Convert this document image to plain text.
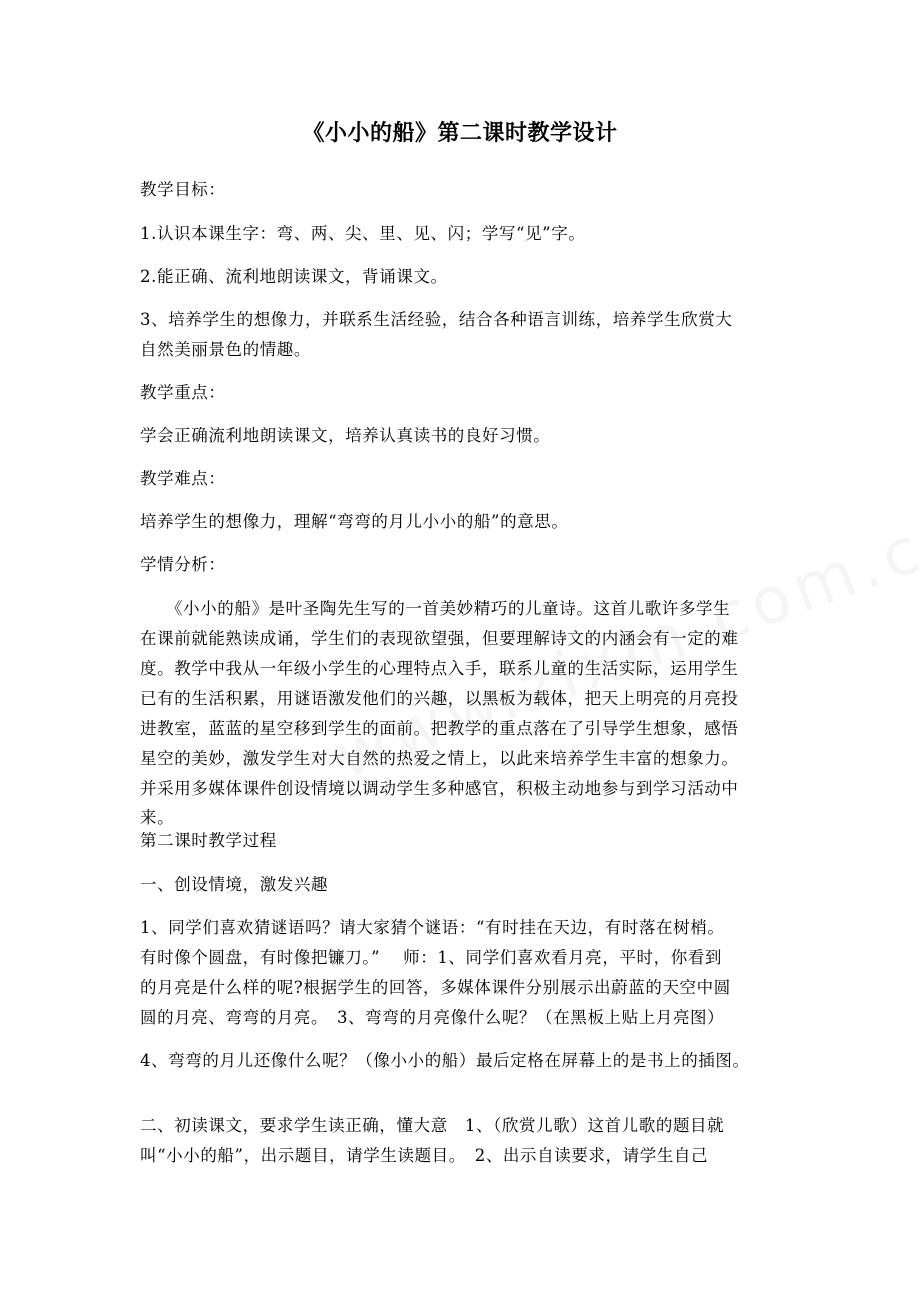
《小小的船》第二课时教学设计
教学目标：
1.认识本课生字：弯、两、尖、里、见、闪；学写“见”字。
2.能正确、流利地朗读课文，背诵课文。
3、培养学生的想像力，并联系生活经验，结合各种语言训练，培养学生欣赏大
自然美丽景色的情趣。
教学重点：
学会正确流利地朗读课文，培养认真读书的良好习惯。
教学难点：
培养学生的想像力，理解“弯弯的月儿小小的船”的意思。
学情分析：
　　《小小的船》是叶圣陶先生写的一首美妙精巧的儿童诗。这首儿歌许多学生
在课前就能熟读成诵，学生们的表现欲望强，但要理解诗文的内涵会有一定的难
度。教学中我从一年级小学生的心理特点入手，联系儿童的生活实际，运用学生
已有的生活积累，用谜语激发他们的兴趣，以黑板为载体，把天上明亮的月亮投
进教室，蓝蓝的星空移到学生的面前。把教学的重点落在了引导学生想象，感悟
星空的美妙，激发学生对大自然的热爱之情上，以此来培养学生丰富的想象力。
并采用多媒体课件创设情境以调动学生多种感官，积极主动地参与到学习活动中
来。
第二课时教学过程
一、创设情境，激发兴趣
1、同学们喜欢猜谜语吗？请大家猜个谜语：“有时挂在天边，有时落在树梢。
有时像个圆盘，有时像把镰刀。”　 师：1、同学们喜欢看月亮，平时，你看到
的月亮是什么样的呢?根据学生的回答，多媒体课件分别展示出蔚蓝的天空中圆
圆的月亮、弯弯的月亮。　3、弯弯的月亮像什么呢？（在黑板上贴上月亮图）
4、弯弯的月儿还像什么呢？（像小小的船）最后定格在屏幕上的是书上的插图。
二、初读课文，要求学生读正确，懂大意　1、（欣赏儿歌）这首儿歌的题目就
叫“小小的船”，出示题目，请学生读题目。　2、出示自读要求，请学生自己
